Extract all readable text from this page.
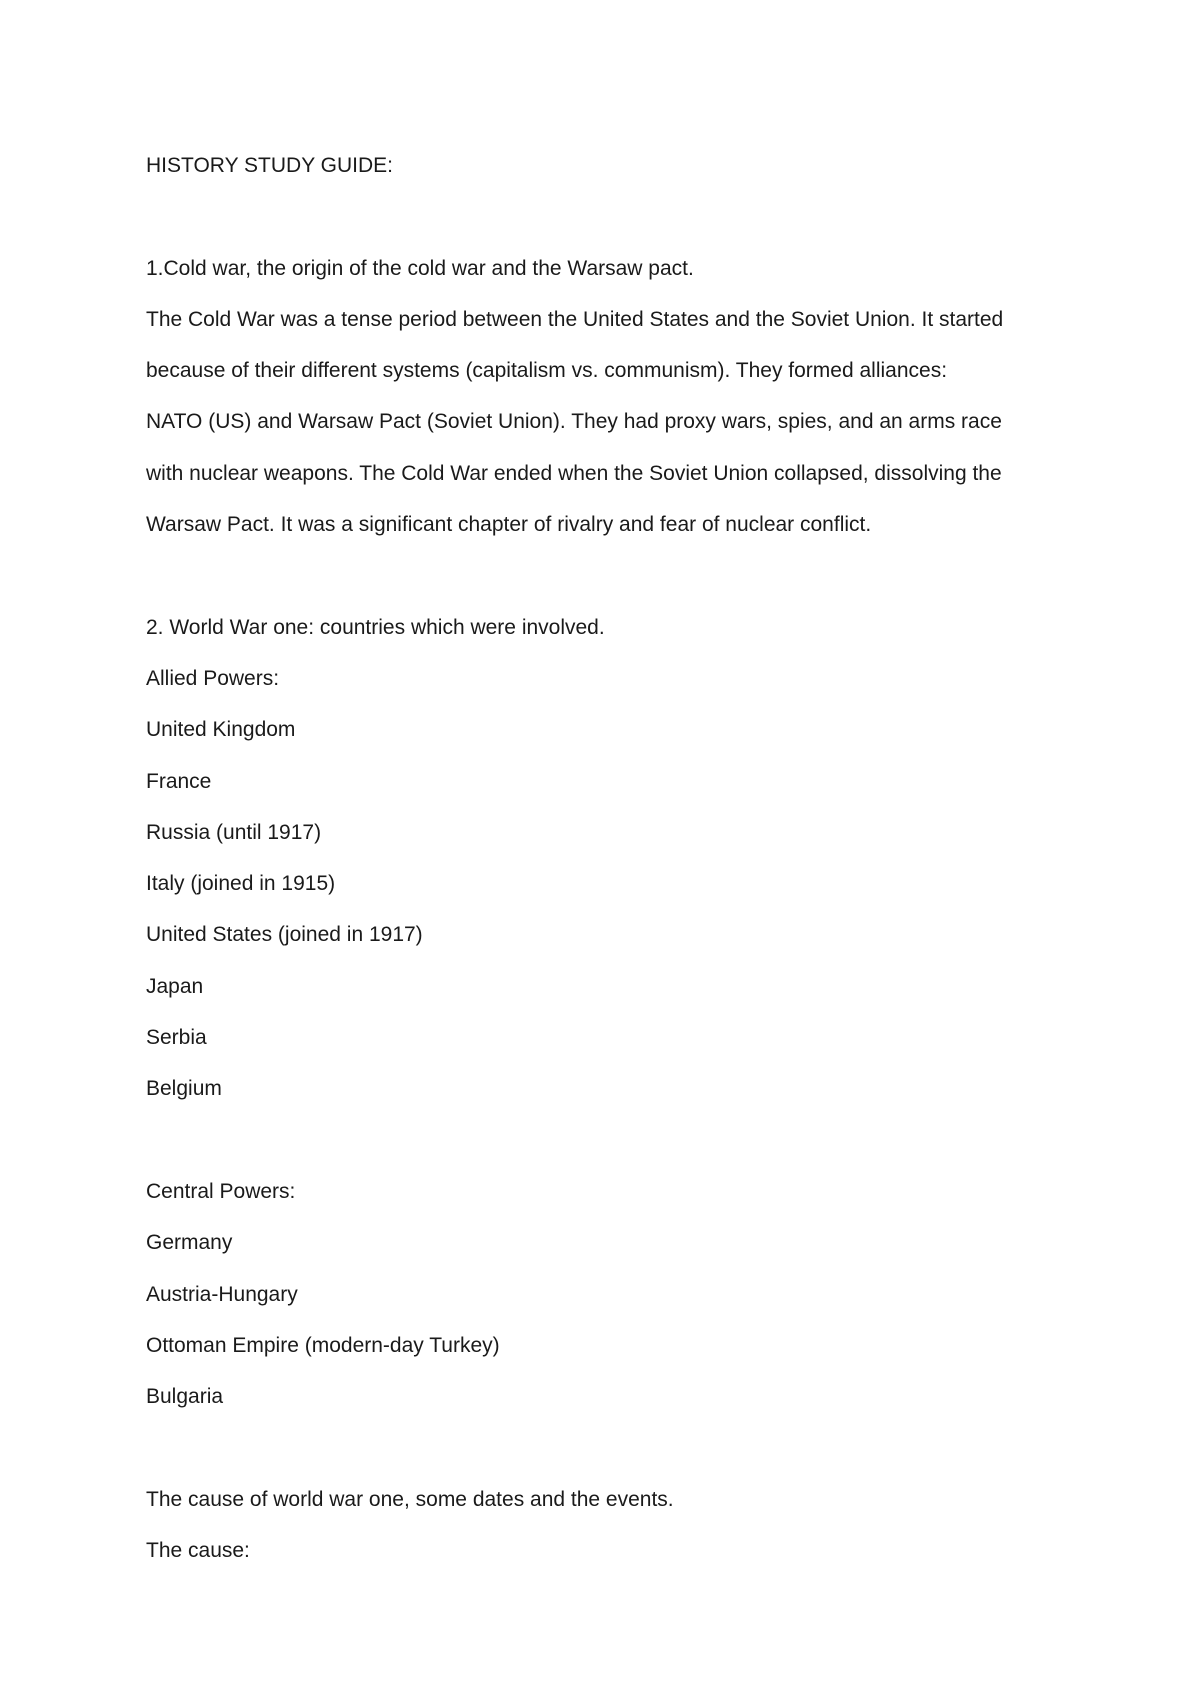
HISTORY STUDY GUIDE:

1.Cold war, the origin of the cold war and the Warsaw pact.

The Cold War was a tense period between the United States and the Soviet Union. It started

because of their different systems (capitalism vs. communism). They formed alliances:

NATO (US) and Warsaw Pact (Soviet Union). They had proxy wars, spies, and an arms race

with nuclear weapons. The Cold War ended when the Soviet Union collapsed, dissolving the

Warsaw Pact. It was a significant chapter of rivalry and fear of nuclear conflict.

2. World War one: countries which were involved.

Allied Powers:

United Kingdom

France

Russia (until 1917)

Italy (joined in 1915)

United States (joined in 1917)

Japan

Serbia

Belgium

Central Powers:

Germany

Austria-Hungary

Ottoman Empire (modern-day Turkey)

Bulgaria

The cause of world war one, some dates and the events.

The cause:
